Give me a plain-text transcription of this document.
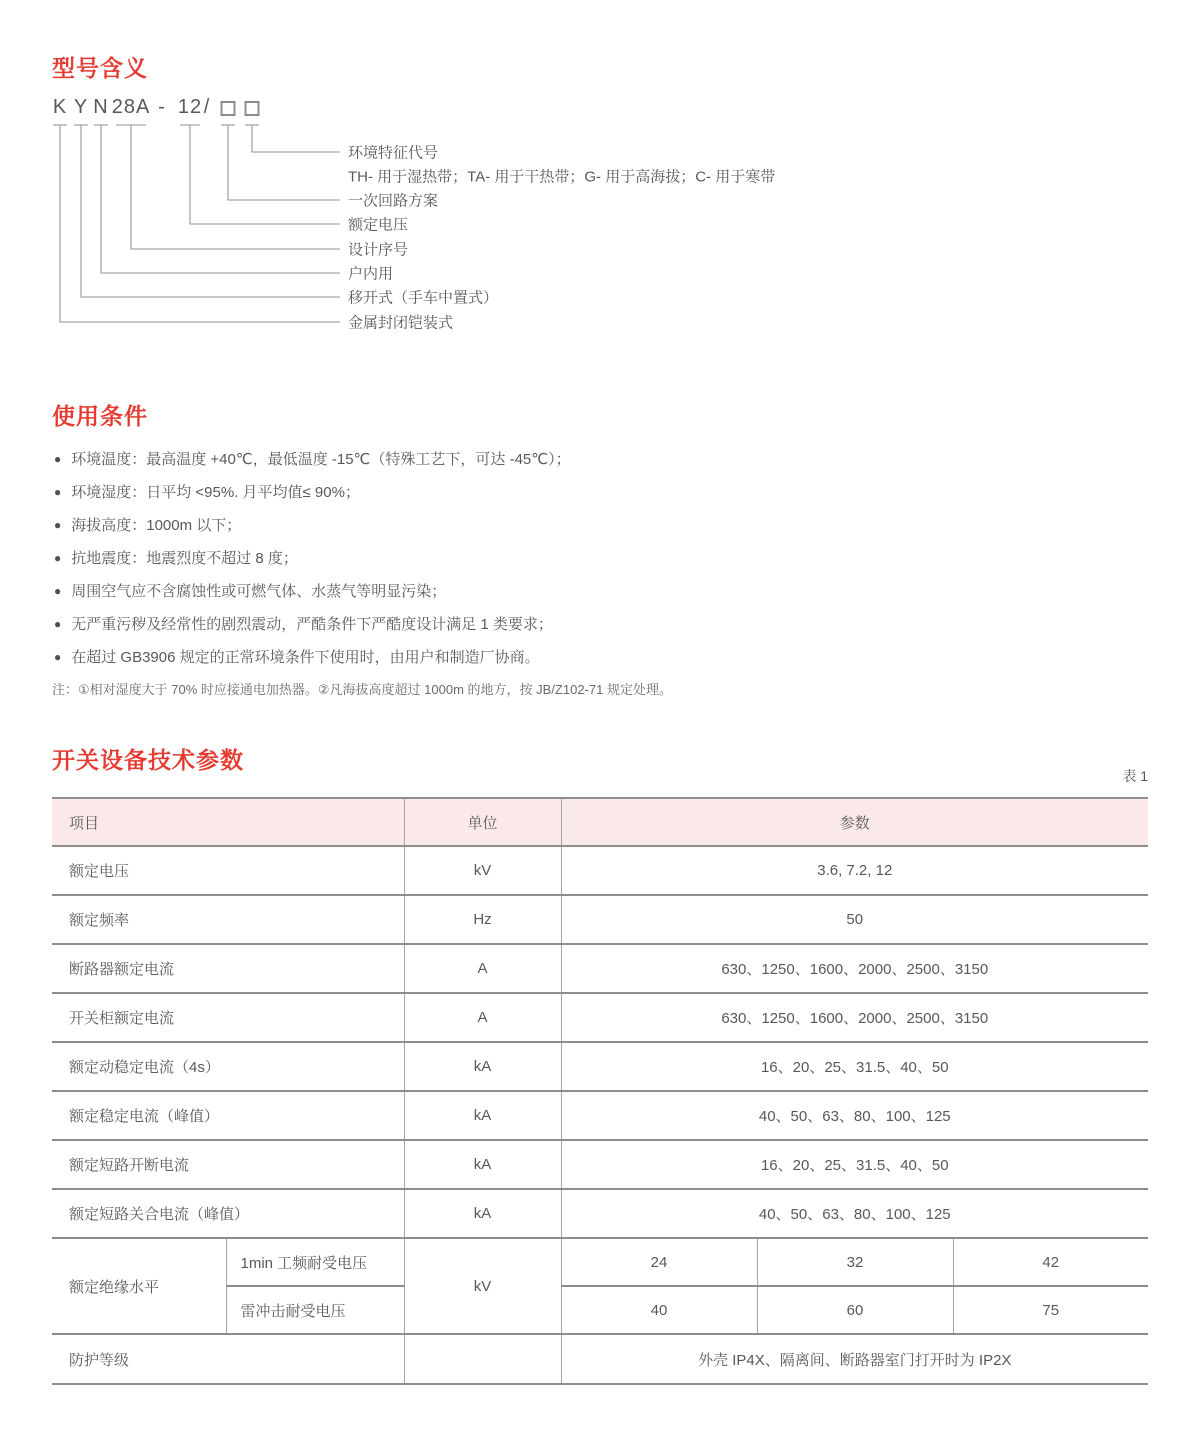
型号含义
K Y N 28A - 12 /
环境特征代号
TH- 用于湿热带；TA- 用于干热带；G- 用于高海拔；C- 用于寒带
一次回路方案
额定电压
设计序号
户内用
移开式（手车中置式）
金属封闭铠装式
使用条件
● 环境温度：最高温度 +40℃，最低温度 -15℃（特殊工艺下，可达 -45℃）；
● 环境湿度：日平均 <95%. 月平均值≤ 90%；
● 海拔高度：1000m 以下；
● 抗地震度：地震烈度不超过 8 度；
● 周围空气应不含腐蚀性或可燃气体、水蒸气等明显污染；
● 无严重污秽及经常性的剧烈震动，严酷条件下严酷度设计满足 1 类要求；
● 在超过 GB3906 规定的正常环境条件下使用时，由用户和制造厂协商。
注：①相对湿度大于 70% 时应接通电加热器。②凡海拔高度超过 1000m 的地方，按 JB/Z102-71 规定处理。
开关设备技术参数
表 1
项目		单位	参数		
额定电压		kV	3.6, 7.2, 12		
额定频率		Hz	50		
断路器额定电流		A	630、1250、1600、2000、2500、3150		
开关柜额定电流		A	630、1250、1600、2000、2500、3150		
额定动稳定电流（4s）		kA	16、20、25、31.5、40、50		
额定稳定电流（峰值）		kA	40、50、63、80、100、125		
额定短路开断电流		kA	16、20、25、31.5、40、50		
额定短路关合电流（峰值）		kA	40、50、63、80、100、125		
额定绝缘水平	1min 工频耐受电压	kV	24	32	42
	雷冲击耐受电压		40	60	75
防护等级			外壳 IP4X、隔离间、断路器室门打开时为 IP2X		
